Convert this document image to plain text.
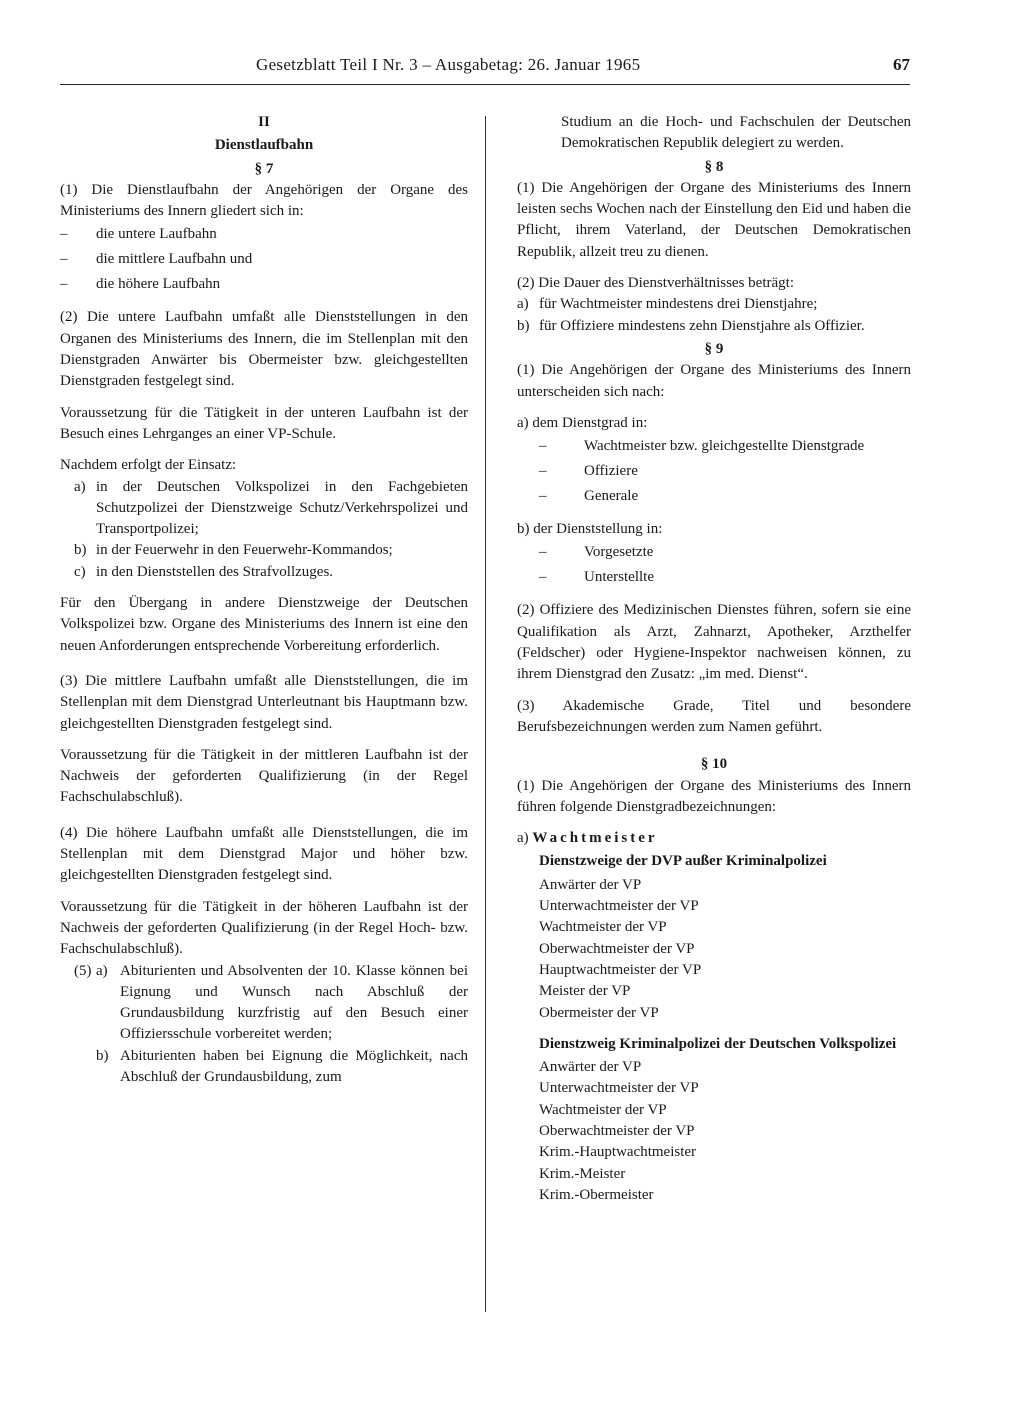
Gesetzblatt Teil I Nr. 3 – Ausgabetag: 26. Januar 1965	67

II

Dienstlaufbahn

§ 7

(1) Die Dienstlaufbahn der Angehörigen der Organe des Ministeriums des Innern gliedert sich in:

– die untere Laufbahn

– die mittlere Laufbahn und

– die höhere Laufbahn

(2) Die untere Laufbahn umfaßt alle Dienststellungen in den Organen des Ministeriums des Innern, die im Stellenplan mit den Dienstgraden Anwärter bis Obermeister bzw. gleichgestellten Dienstgraden festgelegt sind.

Voraussetzung für die Tätigkeit in der unteren Laufbahn ist der Besuch eines Lehrganges an einer VP-Schule.

Nachdem erfolgt der Einsatz:

a) in der Deutschen Volkspolizei in den Fachgebieten Schutzpolizei der Dienstzweige Schutz/Verkehrspolizei und Transportpolizei;
b) in der Feuerwehr in den Feuerwehr-Kommandos;
c) in den Dienststellen des Strafvollzuges.

Für den Übergang in andere Dienstzweige der Deutschen Volkspolizei bzw. Organe des Ministeriums des Innern ist eine den neuen Anforderungen entsprechende Vorbereitung erforderlich.

(3) Die mittlere Laufbahn umfaßt alle Dienststellungen, die im Stellenplan mit dem Dienstgrad Unterleutnant bis Hauptmann bzw. gleichgestellten Dienstgraden festgelegt sind.

Voraussetzung für die Tätigkeit in der mittleren Laufbahn ist der Nachweis der geforderten Qualifizierung (in der Regel Fachschulabschluß).

(4) Die höhere Laufbahn umfaßt alle Dienststellungen, die im Stellenplan mit dem Dienstgrad Major und höher bzw. gleichgestellten Dienstgraden festgelegt sind.

Voraussetzung für die Tätigkeit in der höheren Laufbahn ist der Nachweis der geforderten Qualifizierung (in der Regel Hoch- bzw. Fachschulabschluß).

(5) a) Abiturienten und Absolventen der 10. Klasse können bei Eignung und Wunsch nach Abschluß der Grundausbildung kurzfristig auf den Besuch einer Offiziersschule vorbereitet werden;
b) Abiturienten haben bei Eignung die Möglichkeit, nach Abschluß der Grundausbildung, zum

Studium an die Hoch- und Fachschulen der Deutschen Demokratischen Republik delegiert zu werden.

§ 8

(1) Die Angehörigen der Organe des Ministeriums des Innern leisten sechs Wochen nach der Einstellung den Eid und haben die Pflicht, ihrem Vaterland, der Deutschen Demokratischen Republik, allzeit treu zu dienen.

(2) Die Dauer des Dienstverhältnisses beträgt:

a) für Wachtmeister mindestens drei Dienstjahre;
b) für Offiziere mindestens zehn Dienstjahre als Offizier.

§ 9

(1) Die Angehörigen der Organe des Ministeriums des Innern unterscheiden sich nach:

a) dem Dienstgrad in:

– Wachtmeister bzw. gleichgestellte Dienstgrade

– Offiziere

– Generale

b) der Dienststellung in:

– Vorgesetzte

– Unterstellte

(2) Offiziere des Medizinischen Dienstes führen, sofern sie eine Qualifikation als Arzt, Zahnarzt, Apotheker, Arzthelfer (Feldscher) oder Hygiene-Inspektor nachweisen können, zu ihrem Dienstgrad den Zusatz: „im med. Dienst“.

(3) Akademische Grade, Titel und besondere Berufsbezeichnungen werden zum Namen geführt.

§ 10

(1) Die Angehörigen der Organe des Ministeriums des Innern führen folgende Dienstgradbezeichnungen:

a) Wachtmeister

Dienstzweige der DVP außer Kriminalpolizei

Anwärter der VP
Unterwachtmeister der VP
Wachtmeister der VP
Oberwachtmeister der VP
Hauptwachtmeister der VP
Meister der VP
Obermeister der VP

Dienstzweig Kriminalpolizei der Deutschen Volkspolizei

Anwärter der VP
Unterwachtmeister der VP
Wachtmeister der VP
Oberwachtmeister der VP
Krim.-Hauptwachtmeister
Krim.-Meister
Krim.-Obermeister
